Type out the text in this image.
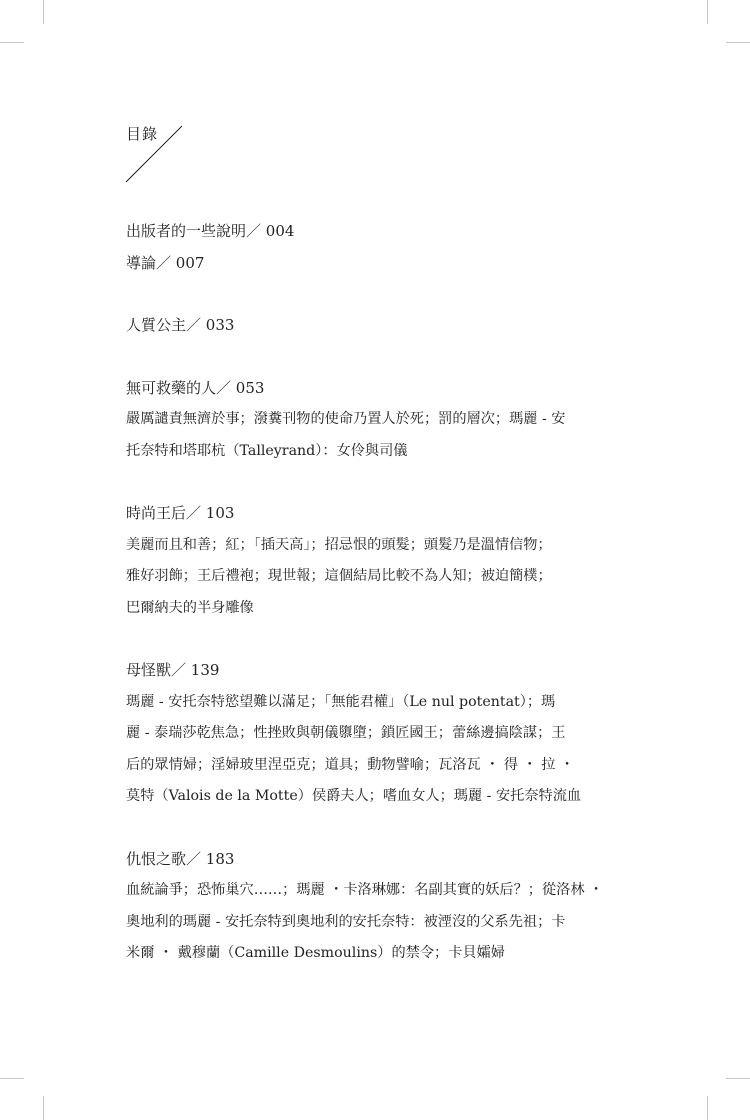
目錄
出版者的一些說明／ 004
導論／ 007
人質公主／ 033
無可救藥的人／ 053
嚴厲譴責無濟於事；潑糞刊物的使命乃置人於死；罰的層次；瑪麗 - 安
托奈特和塔耶杭（Talleyrand）：女伶與司儀
時尚王后／ 103
美麗而且和善；紅；「插天高」；招忌恨的頭髮；頭髮乃是溫情信物；
雅好羽飾；王后禮袍；現世報；這個結局比較不為人知；被迫簡樸；
巴爾納夫的半身雕像
母怪獸／ 139
瑪麗 - 安托奈特慾望難以滿足；「無能君權」（Le nul potentat）；瑪
麗 - 泰瑞莎乾焦急；性挫敗與朝儀隳墮；鎖匠國王；蕾絲邊搞陰謀；王
后的眾情婦；淫婦玻里涅亞克；道具；動物譬喻；瓦洛瓦 ・ 得 ・ 拉 ・
莫特（Valois de la Motte）侯爵夫人；嗜血女人；瑪麗 - 安托奈特流血
仇恨之歌／ 183
血統論爭；恐怖巢穴……；瑪麗 ・卡洛琳娜：名副其實的妖后？；從洛林 ・
奧地利的瑪麗 - 安托奈特到奧地利的安托奈特：被湮沒的父系先祖；卡
米爾 ・ 戴穆蘭（Camille Desmoulins）的禁令；卡貝孀婦
